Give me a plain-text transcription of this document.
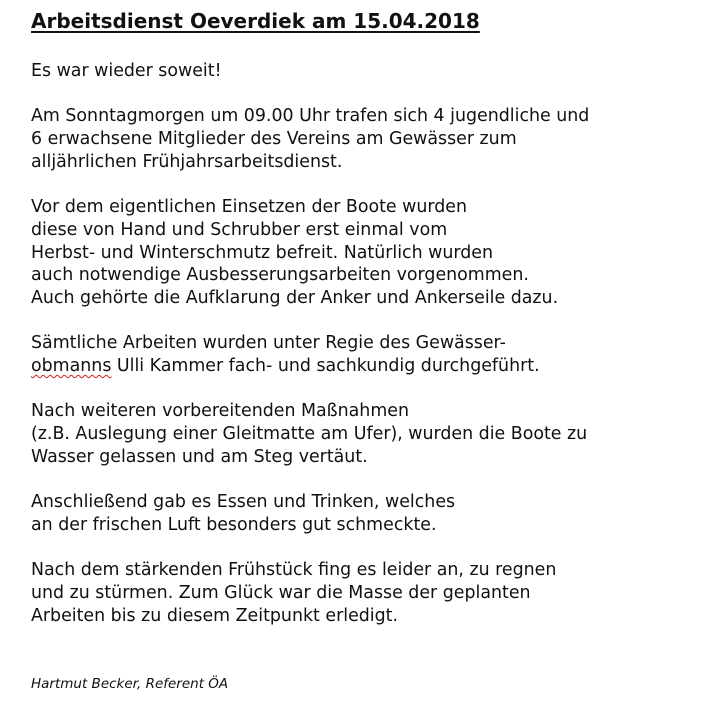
Arbeitsdienst Oeverdiek am 15.04.2018

Es war wieder soweit!

Am Sonntagmorgen um 09.00 Uhr trafen sich 4 jugendliche und
6 erwachsene Mitglieder des Vereins am Gewässer zum
alljährlichen Frühjahrsarbeitsdienst.

Vor dem eigentlichen Einsetzen der Boote wurden
diese von Hand und Schrubber erst einmal vom
Herbst- und Winterschmutz befreit. Natürlich wurden
auch notwendige Ausbesserungsarbeiten vorgenommen.
Auch gehörte die Aufklarung der Anker und Ankerseile dazu.

Sämtliche Arbeiten wurden unter Regie des Gewässer-
obmanns Ulli Kammer fach- und sachkundig durchgeführt.

Nach weiteren vorbereitenden Maßnahmen
(z.B. Auslegung einer Gleitmatte am Ufer), wurden die Boote zu
Wasser gelassen und am Steg vertäut.

Anschließend gab es Essen und Trinken, welches
an der frischen Luft besonders gut schmeckte.

Nach dem stärkenden Frühstück fing es leider an, zu regnen
und zu stürmen. Zum Glück war die Masse der geplanten
Arbeiten bis zu diesem Zeitpunkt erledigt.

Hartmut Becker, Referent ÖA
